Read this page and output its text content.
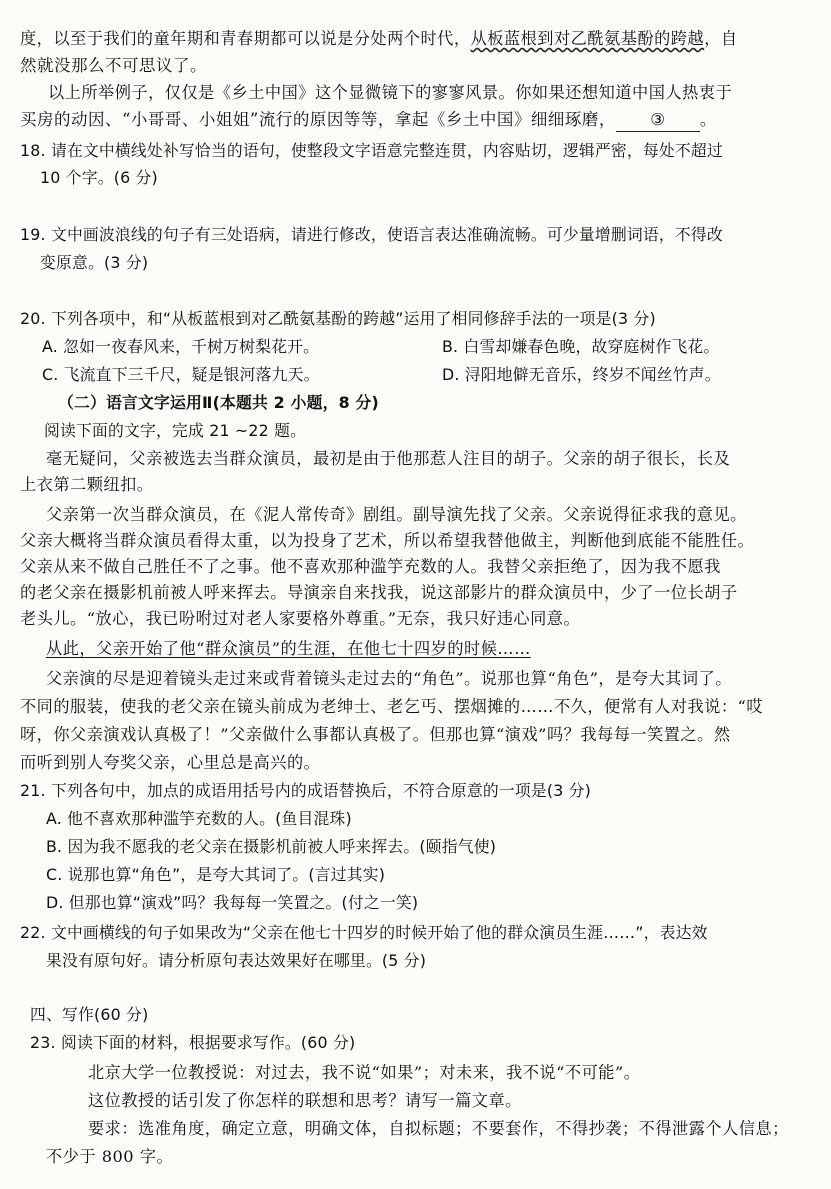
度，以至于我们的童年期和青春期都可以说是分处两个时代，从板蓝根到对乙酰氨基酚的跨越，自
然就没那么不可思议了。
以上所举例子，仅仅是《乡土中国》这个显微镜下的寥寥风景。你如果还想知道中国人热衷于
买房的动因、“小哥哥、小姐姐”流行的原因等等，拿起《乡土中国》细细琢磨， ③ 。
18. 请在文中横线处补写恰当的语句，使整段文字语意完整连贯，内容贴切，逻辑严密，每处不超过
10 个字。(6 分)
19. 文中画波浪线的句子有三处语病，请进行修改，使语言表达准确流畅。可少量增删词语，不得改
变原意。(3 分)
20. 下列各项中，和“从板蓝根到对乙酰氨基酚的跨越”运用了相同修辞手法的一项是(3 分)
A. 忽如一夜春风来，千树万树梨花开。	B. 白雪却嫌春色晚，故穿庭树作飞花。
C. 飞流直下三千尺，疑是银河落九天。	D. 浔阳地僻无音乐，终岁不闻丝竹声。
（二）语言文字运用Ⅱ(本题共 2 小题，8 分)
阅读下面的文字，完成 21 ~22 题。
毫无疑问，父亲被选去当群众演员，最初是由于他那惹人注目的胡子。父亲的胡子很长，长及
上衣第二颗纽扣。
父亲第一次当群众演员，在《泥人常传奇》剧组。副导演先找了父亲。父亲说得征求我的意见。
父亲大概将当群众演员看得太重，以为投身了艺术，所以希望我替他做主，判断他到底能不能胜任。
父亲从来不做自己胜任不了之事。他不喜欢那种滥竽充数的人。我替父亲拒绝了，因为我不愿我
的老父亲在摄影机前被人呼来挥去。导演亲自来找我，说这部影片的群众演员中，少了一位长胡子
老头儿。“放心，我已吩咐过对老人家要格外尊重。”无奈，我只好违心同意。
从此，父亲开始了他“群众演员”的生涯，在他七十四岁的时候……
父亲演的尽是迎着镜头走过来或背着镜头走过去的“角色”。说那也算“角色”，是夸大其词了。
不同的服装，使我的老父亲在镜头前成为老绅士、老乞丐、摆烟摊的……不久，便常有人对我说：“哎
呀，你父亲演戏认真极了！”父亲做什么事都认真极了。但那也算“演戏”吗？我每每一笑置之。然
而听到别人夸奖父亲，心里总是高兴的。
21. 下列各句中，加点的成语用括号内的成语替换后，不符合原意的一项是(3 分)
A. 他不喜欢那种滥竽充数的人。(鱼目混珠)
B. 因为我不愿我的老父亲在摄影机前被人呼来挥去。(颐指气使)
C. 说那也算“角色”，是夸大其词了。(言过其实)
D. 但那也算“演戏”吗？我每每一笑置之。(付之一笑)
22. 文中画横线的句子如果改为“父亲在他七十四岁的时候开始了他的群众演员生涯……”，表达效
果没有原句好。请分析原句表达效果好在哪里。(5 分)
四、写作(60 分)
23. 阅读下面的材料，根据要求写作。(60 分)
北京大学一位教授说：对过去，我不说“如果”；对未来，我不说“不可能”。
这位教授的话引发了你怎样的联想和思考？请写一篇文章。
要求：选准角度，确定立意，明确文体，自拟标题；不要套作，不得抄袭；不得泄露个人信息；
不少于 800 字。
